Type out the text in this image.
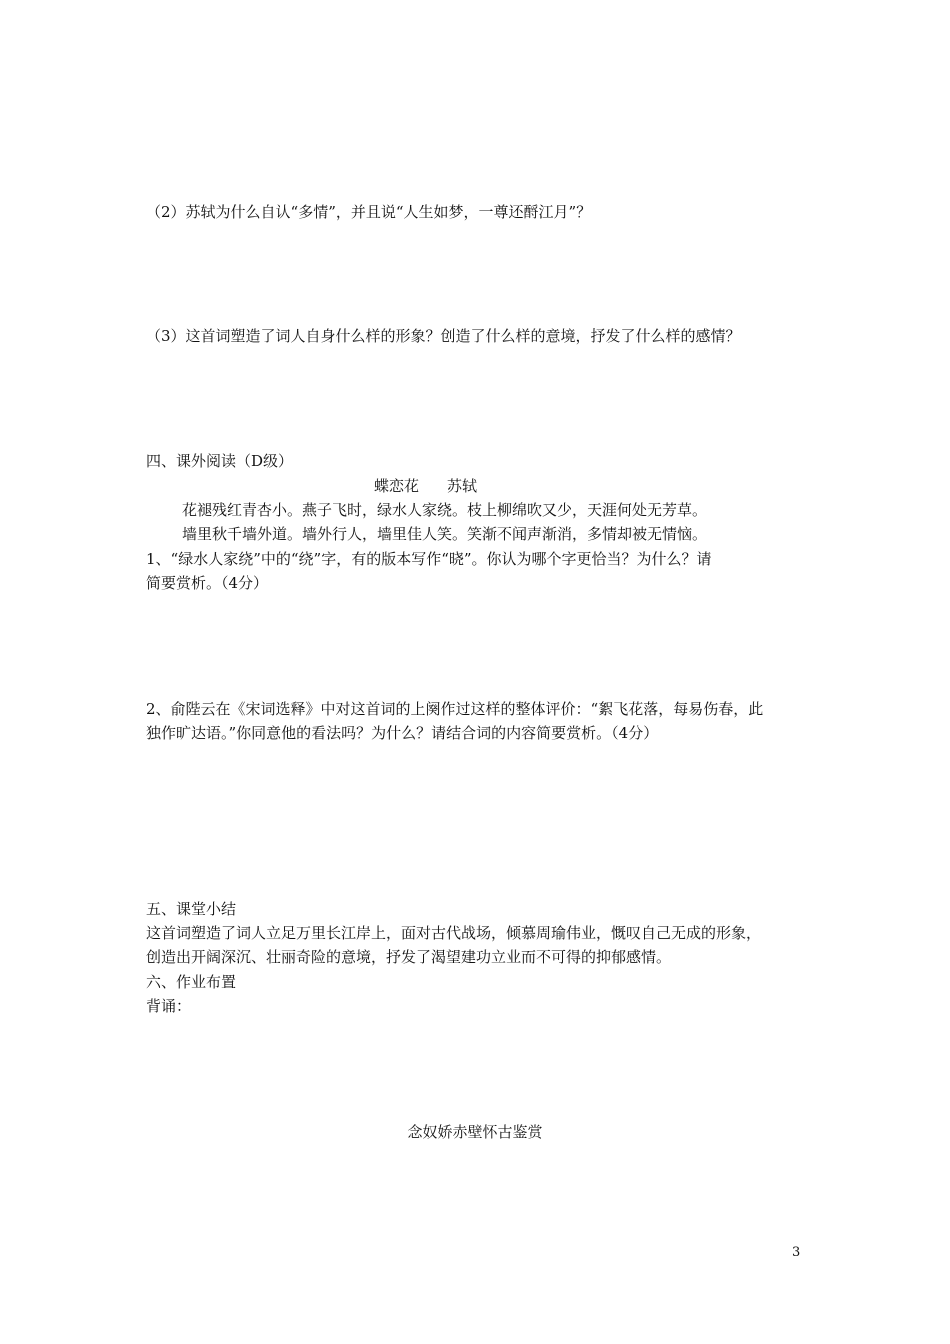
（2）苏轼为什么自认“多情”，并且说“人生如梦，一尊还酹江月”？
（3）这首词塑造了词人自身什么样的形象？创造了什么样的意境，抒发了什么样的感情？
四、课外阅读（D级）
蝶恋花 苏轼
花褪残红青杏小。燕子飞时，绿水人家绕。枝上柳绵吹又少，天涯何处无芳草。
墙里秋千墙外道。墙外行人，墙里佳人笑。笑渐不闻声渐消，多情却被无情恼。
1、“绿水人家绕”中的“绕”字，有的版本写作“晓”。你认为哪个字更恰当？为什么？请
简要赏析。（4分）
2、俞陛云在《宋词选释》中对这首词的上阕作过这样的整体评价：“絮飞花落，每易伤春，此
独作旷达语。”你同意他的看法吗？为什么？请结合词的内容简要赏析。（4分）
五、课堂小结
这首词塑造了词人立足万里长江岸上，面对古代战场，倾慕周瑜伟业，慨叹自己无成的形象，
创造出开阔深沉、壮丽奇险的意境，抒发了渴望建功立业而不可得的抑郁感情。
六、作业布置
背诵：
念奴娇赤壁怀古鉴赏
3
